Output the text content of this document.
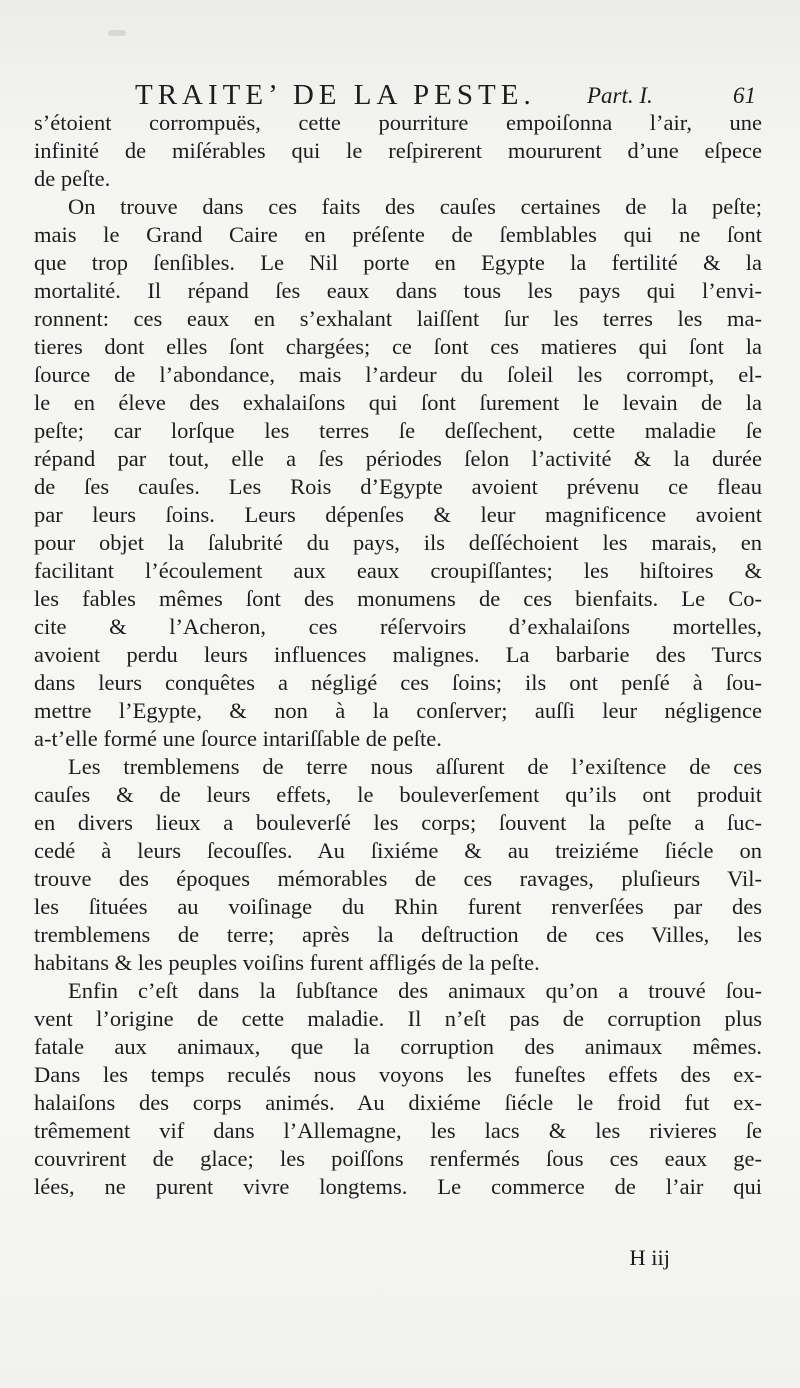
TRAITE’ DE LA PESTE. Part. I.	61
s’étoient corrompuës, cette pourriture empoiſonna l’air, une
infinité de miſérables qui le reſpirerent moururent d’une eſpece
de peſte.
On trouve dans ces faits des cauſes certaines de la peſte;
mais le Grand Caire en préſente de ſemblables qui ne ſont
que trop ſenſibles. Le Nil porte en Egypte la fertilité & la
mortalité. Il répand ſes eaux dans tous les pays qui l’envi-
ronnent: ces eaux en s’exhalant laiſſent ſur les terres les ma-
tieres dont elles ſont chargées; ce ſont ces matieres qui ſont la
ſource de l’abondance, mais l’ardeur du ſoleil les corrompt, el-
le en éleve des exhalaiſons qui ſont ſurement le levain de la
peſte; car lorſque les terres ſe deſſechent, cette maladie ſe
répand par tout, elle a ſes périodes ſelon l’activité & la durée
de ſes cauſes. Les Rois d’Egypte avoient prévenu ce fleau
par leurs ſoins. Leurs dépenſes & leur magnificence avoient
pour objet la ſalubrité du pays, ils deſſéchoient les marais, en
facilitant l’écoulement aux eaux croupiſſantes; les hiſtoires &
les fables mêmes ſont des monumens de ces bienfaits. Le Co-
cite & l’Acheron, ces réſervoirs d’exhalaiſons mortelles,
avoient perdu leurs influences malignes. La barbarie des Turcs
dans leurs conquêtes a négligé ces ſoins; ils ont penſé à ſou-
mettre l’Egypte, & non à la conſerver; auſſi leur négligence
a-t’elle formé une ſource intariſſable de peſte.
Les tremblemens de terre nous aſſurent de l’exiſtence de ces
cauſes & de leurs effets, le bouleverſement qu’ils ont produit
en divers lieux a bouleverſé les corps; ſouvent la peſte a ſuc-
cedé à leurs ſecouſſes. Au ſixiéme & au treiziéme ſiécle on
trouve des époques mémorables de ces ravages, pluſieurs Vil-
les ſituées au voiſinage du Rhin furent renverſées par des
tremblemens de terre; après la deſtruction de ces Villes, les
habitans & les peuples voiſins furent affligés de la peſte.
Enfin c’eſt dans la ſubſtance des animaux qu’on a trouvé ſou-
vent l’origine de cette maladie. Il n’eſt pas de corruption plus
fatale aux animaux, que la corruption des animaux mêmes.
Dans les temps reculés nous voyons les funeſtes effets des ex-
halaiſons des corps animés. Au dixiéme ſiécle le froid fut ex-
trêmement vif dans l’Allemagne, les lacs & les rivieres ſe
couvrirent de glace; les poiſſons renfermés ſous ces eaux ge-
lées, ne purent vivre longtems. Le commerce de l’air qui
H iij
